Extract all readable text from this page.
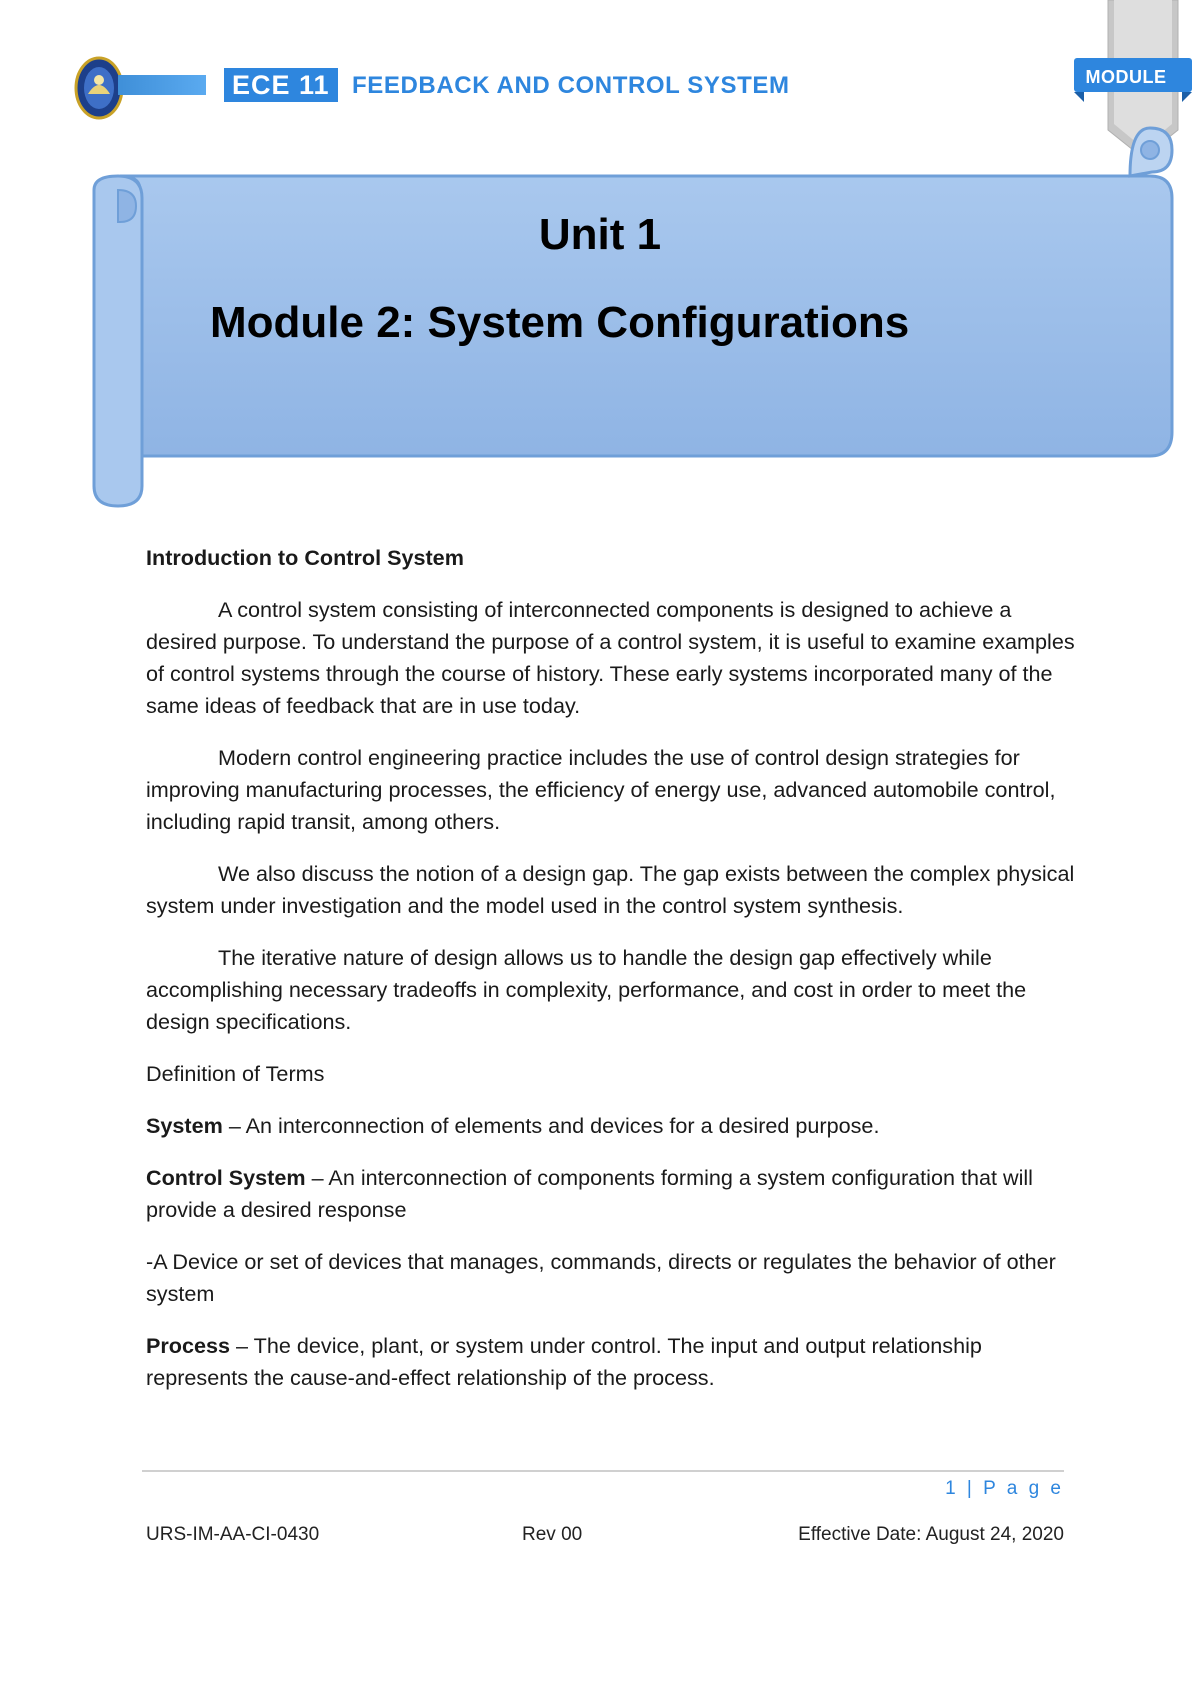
ECE 11 FEEDBACK AND CONTROL SYSTEM	MODULE
Unit 1
Module 2: System Configurations

Introduction to Control System

A control system consisting of interconnected components is designed to achieve a desired purpose. To understand the purpose of a control system, it is useful to examine examples of control systems through the course of history. These early systems incorporated many of the same ideas of feedback that are in use today.

Modern control engineering practice includes the use of control design strategies for improving manufacturing processes, the efficiency of energy use, advanced automobile control, including rapid transit, among others.

We also discuss the notion of a design gap. The gap exists between the complex physical system under investigation and the model used in the control system synthesis.

The iterative nature of design allows us to handle the design gap effectively while accomplishing necessary tradeoffs in complexity, performance, and cost in order to meet the design specifications.

Definition of Terms

System – An interconnection of elements and devices for a desired purpose.

Control System – An interconnection of components forming a system configuration that will provide a desired response

-A Device or set of devices that manages, commands, directs or regulates the behavior of other system

Process – The device, plant, or system under control. The input and output relationship represents the cause-and-effect relationship of the process.

1 | P a g e
URS-IM-AA-CI-0430	Rev 00	Effective Date: August 24, 2020
